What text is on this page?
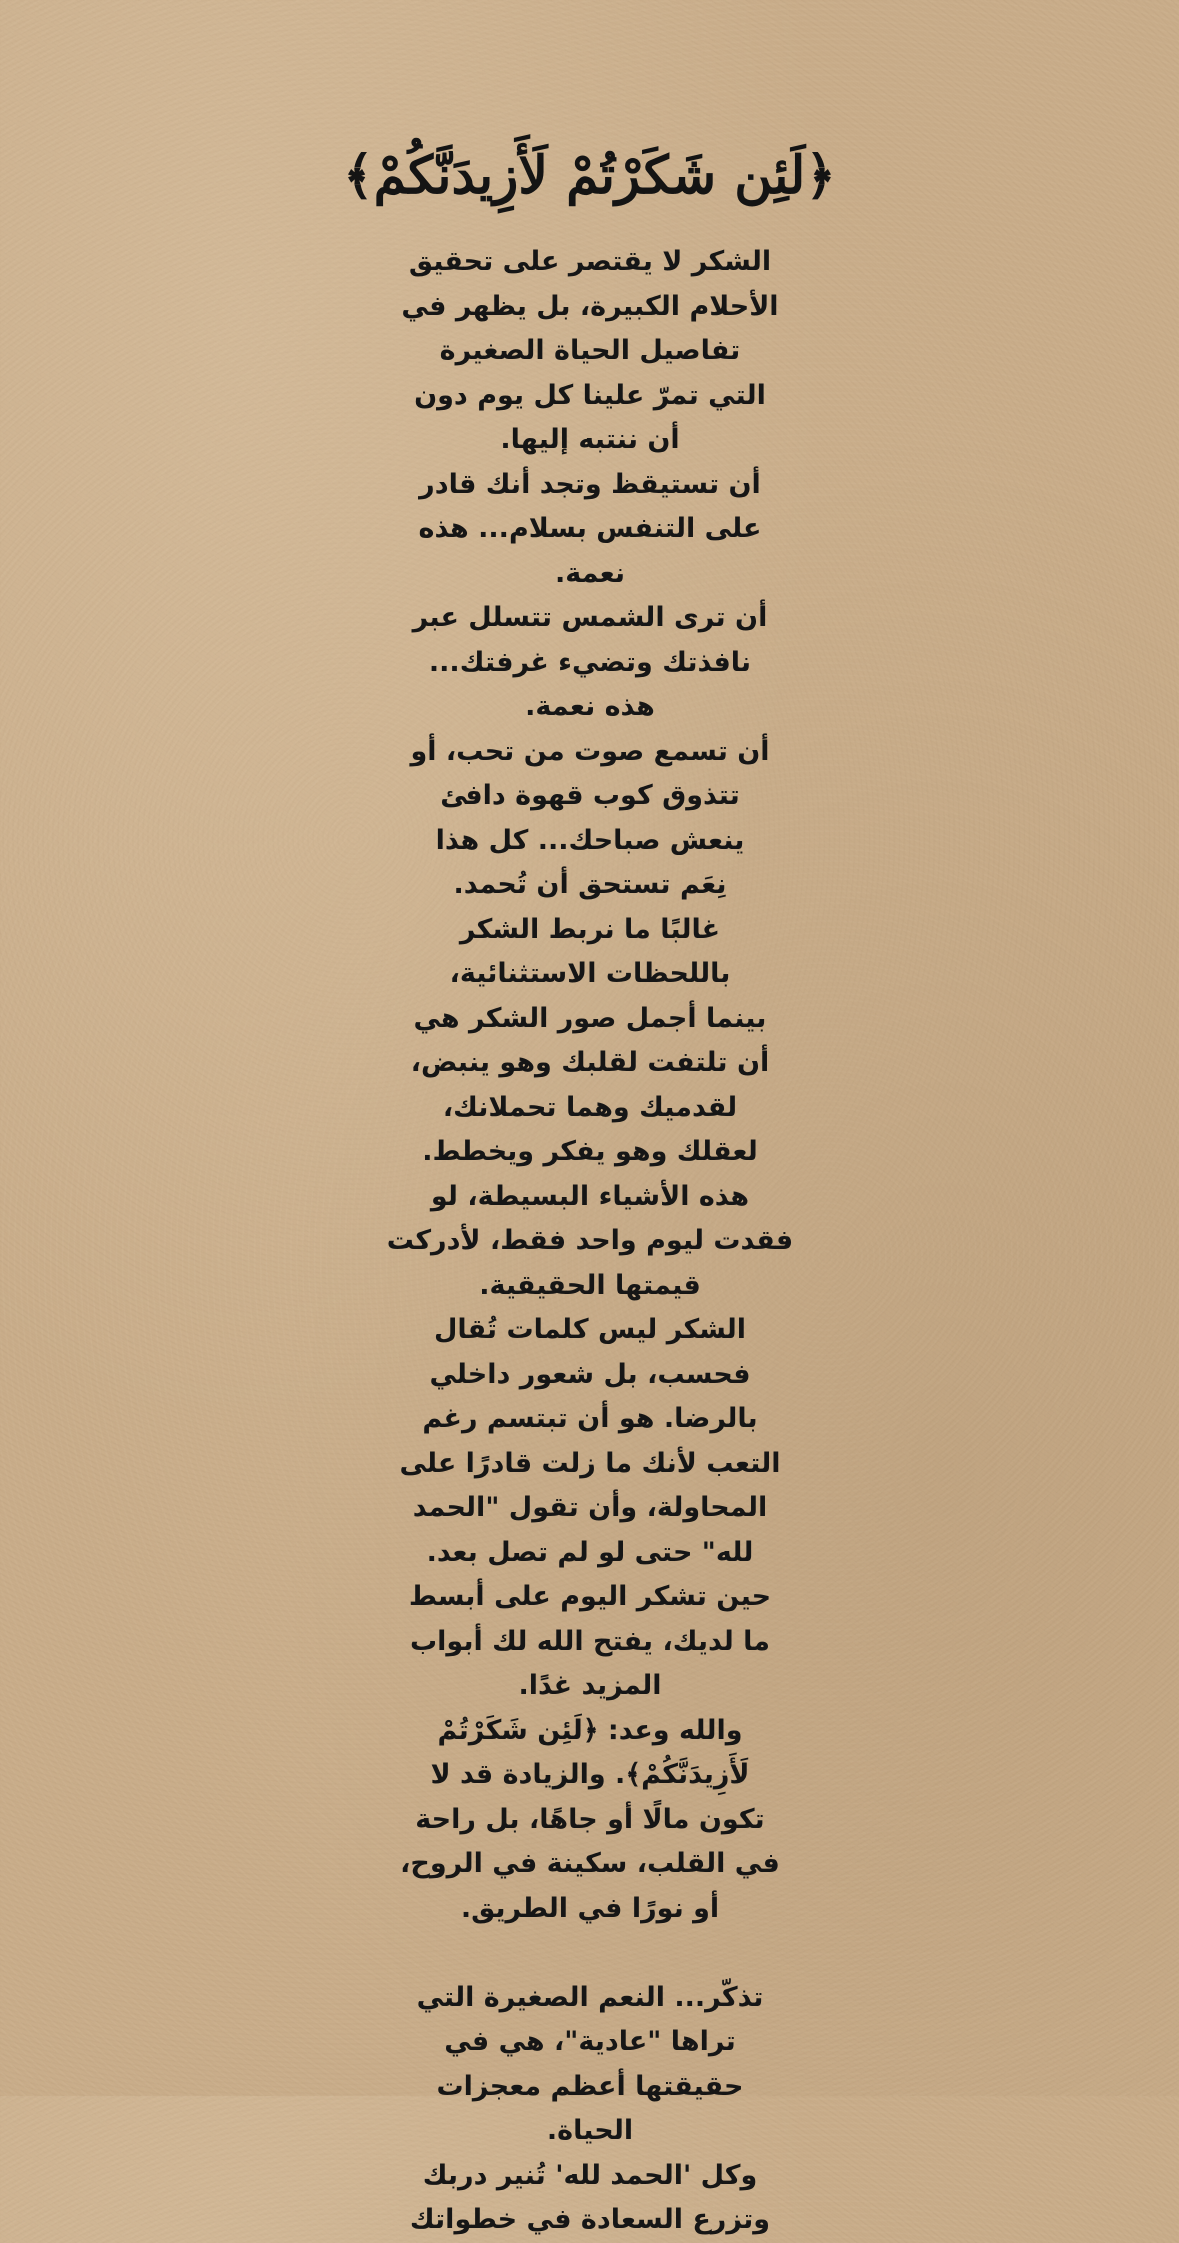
﴿لَئِن شَكَرْتُمْ لَأَزِيدَنَّكُمْ﴾
الشكر لا يقتصر على تحقيق
الأحلام الكبيرة، بل يظهر في
تفاصيل الحياة الصغيرة
التي تمرّ علينا كل يوم دون
أن ننتبه إليها.
أن تستيقظ وتجد أنك قادر
على التنفس بسلام... هذه
نعمة.
أن ترى الشمس تتسلل عبر
نافذتك وتضيء غرفتك...
هذه نعمة.
أن تسمع صوت من تحب، أو
تتذوق كوب قهوة دافئ
ينعش صباحك... كل هذا
نِعَم تستحق أن تُحمد.
غالبًا ما نربط الشكر
باللحظات الاستثنائية،
بينما أجمل صور الشكر هي
أن تلتفت لقلبك وهو ينبض،
لقدميك وهما تحملانك،
لعقلك وهو يفكر ويخطط.
هذه الأشياء البسيطة، لو
فقدت ليوم واحد فقط، لأدركت
قيمتها الحقيقية.
الشكر ليس كلمات تُقال
فحسب، بل شعور داخلي
بالرضا. هو أن تبتسم رغم
التعب لأنك ما زلت قادرًا على
المحاولة، وأن تقول "الحمد
لله" حتى لو لم تصل بعد.
حين تشكر اليوم على أبسط
ما لديك، يفتح الله لك أبواب
المزيد غدًا.
والله وعد: ﴿لَئِن شَكَرْتُمْ
لَأَزِيدَنَّكُمْ﴾. والزيادة قد لا
تكون مالًا أو جاهًا، بل راحة
في القلب، سكينة في الروح،
أو نورًا في الطريق.
تذكّر... النعم الصغيرة التي
تراها "عادية"، هي في
حقيقتها أعظم معجزات
الحياة.
وكل 'الحمد لله' تُنير دربك
وتزرع السعادة في خطواتك
